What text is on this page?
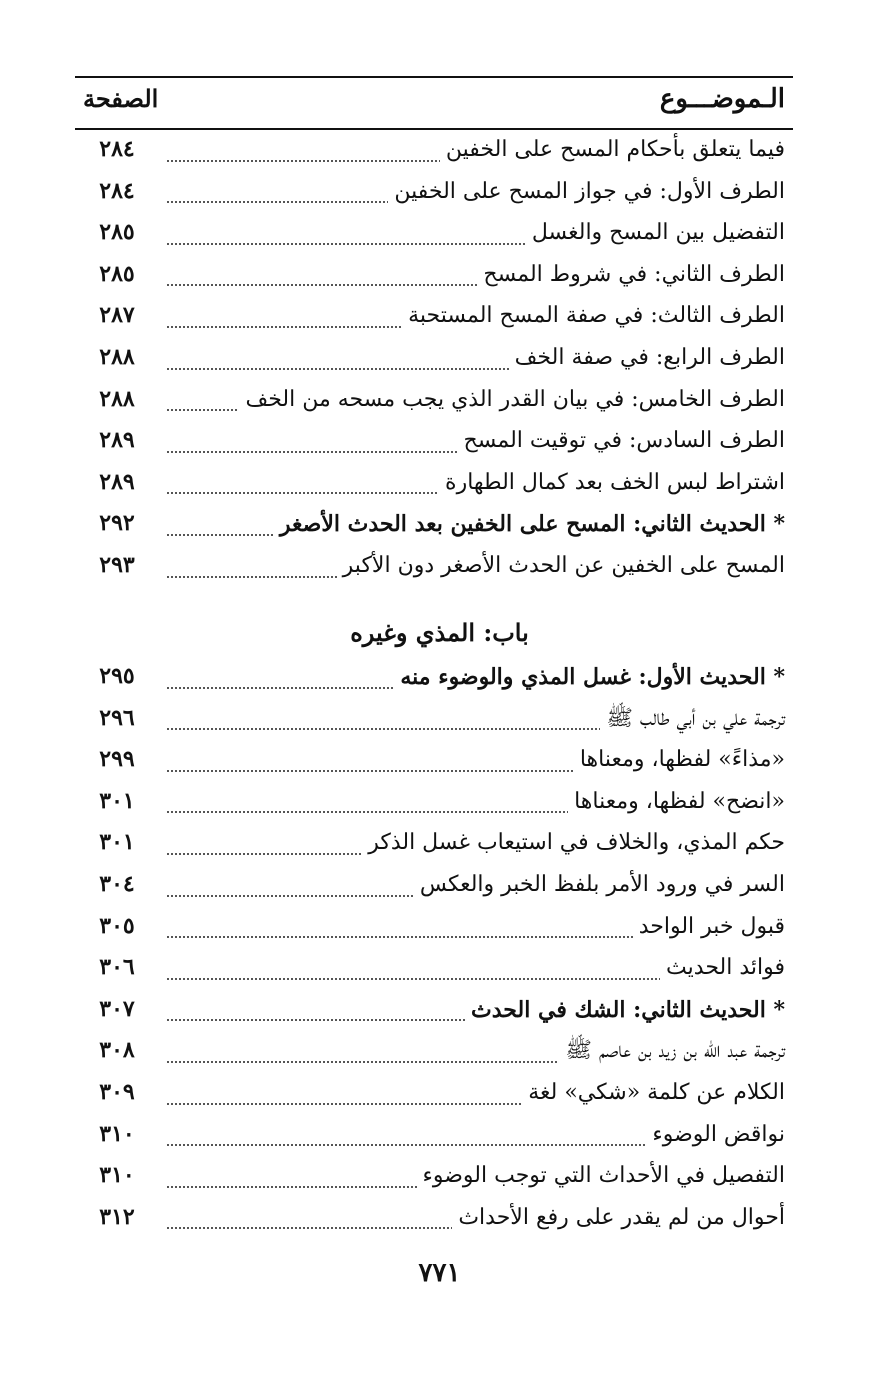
الـموضـــوع
الصفحة
فيما يتعلق بأحكام المسح على الخفين
٢٨٤
الطرف الأول: في جواز المسح على الخفين
٢٨٤
التفضيل بين المسح والغسل
٢٨٥
الطرف الثاني: في شروط المسح
٢٨٥
الطرف الثالث: في صفة المسح المستحبة
٢٨٧
الطرف الرابع: في صفة الخف
٢٨٨
الطرف الخامس: في بيان القدر الذي يجب مسحه من الخف
٢٨٨
الطرف السادس: في توقيت المسح
٢٨٩
اشتراط لبس الخف بعد كمال الطهارة
٢٨٩
* الحديث الثاني: المسح على الخفين بعد الحدث الأصغر
٢٩٢
المسح على الخفين عن الحدث الأصغر دون الأكبر
٢٩٣
باب: المذي وغيره
* الحديث الأول: غسل المذي والوضوء منه
٢٩٥
ترجمة علي بن أبي طالب ﷺ
٢٩٦
«مذاءً» لفظها، ومعناها
٢٩٩
«انضح» لفظها، ومعناها
٣٠١
حكم المذي، والخلاف في استيعاب غسل الذكر
٣٠١
السر في ورود الأمر بلفظ الخبر والعكس
٣٠٤
قبول خبر الواحد
٣٠٥
فوائد الحديث
٣٠٦
* الحديث الثاني: الشك في الحدث
٣٠٧
ترجمة عبد الله بن زيد بن عاصم ﷺ
٣٠٨
الكلام عن كلمة «شكي» لغة
٣٠٩
نواقض الوضوء
٣١٠
التفصيل في الأحداث التي توجب الوضوء
٣١٠
أحوال من لم يقدر على رفع الأحداث
٣١٢
٧٧١
